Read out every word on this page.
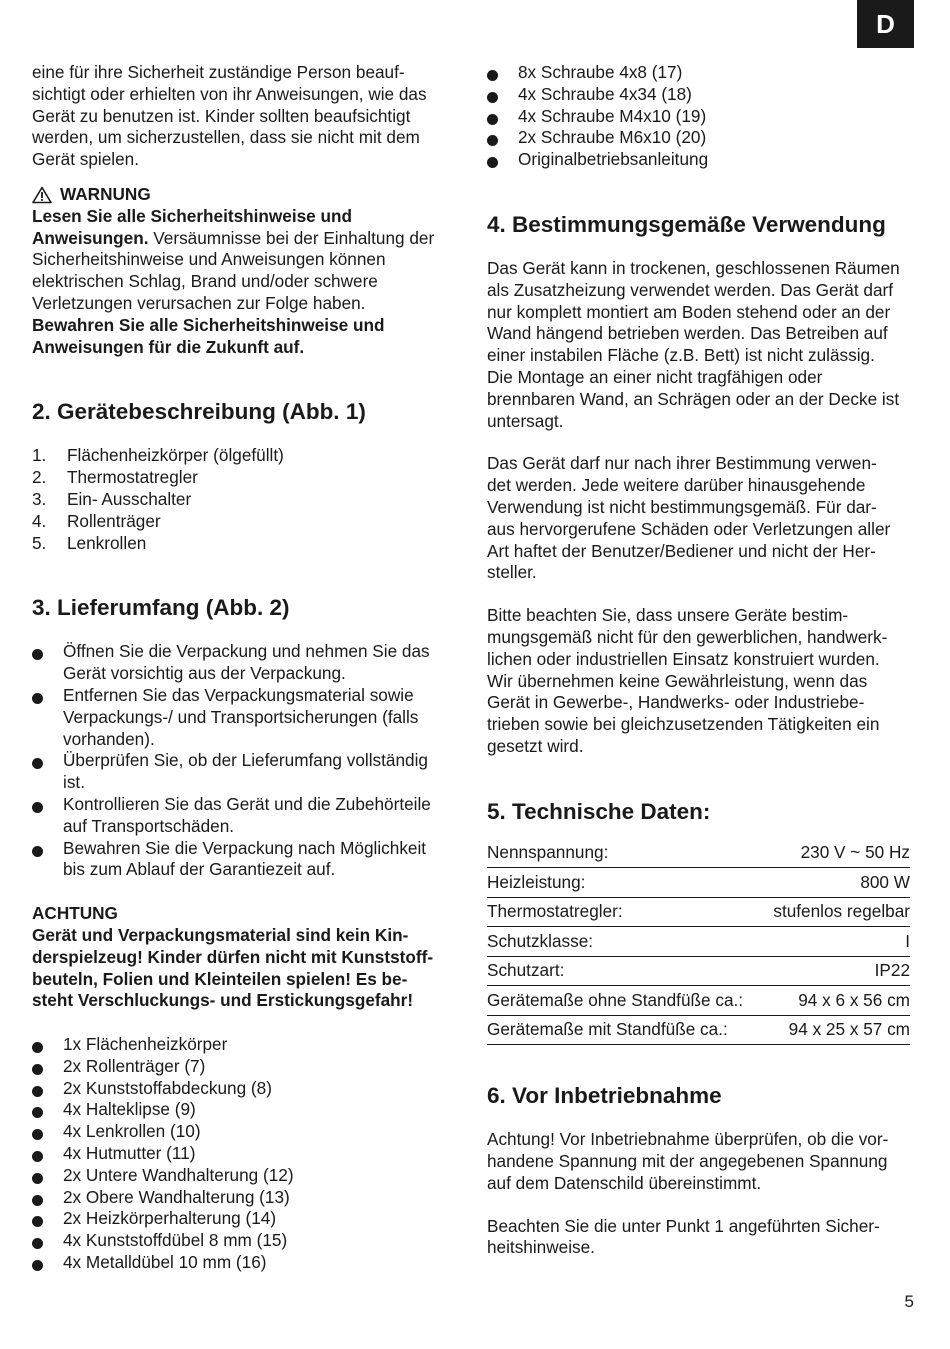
D

eine für ihre Sicherheit zuständige Person beauf-
sichtigt oder erhielten von ihr Anweisungen, wie das
Gerät zu benutzen ist. Kinder sollten beaufsichtigt
werden, um sicherzustellen, dass sie nicht mit dem
Gerät spielen.

WARNUNG

Lesen Sie alle Sicherheitshinweise und
Anweisungen. Versäumnisse bei der Einhaltung der
Sicherheitshinweise und Anweisungen können
elektrischen Schlag, Brand und/oder schwere
Verletzungen verursachen zur Folge haben.
Bewahren Sie alle Sicherheitshinweise und
Anweisungen für die Zukunft auf.

2. Gerätebeschreibung (Abb. 1)
1.	Flächenheizkörper (ölgefüllt)
2.	Thermostatregler
3.	Ein- Ausschalter
4.	Rollenträger
5.	Lenkrollen
3. Lieferumfang (Abb. 2)
Öffnen Sie die Verpackung und nehmen Sie das
Gerät vorsichtig aus der Verpackung.
Entfernen Sie das Verpackungsmaterial sowie
Verpackungs-/ und Transportsicherungen (falls
vorhanden).
Überprüfen Sie, ob der Lieferumfang vollständig
ist.
Kontrollieren Sie das Gerät und die Zubehörteile
auf Transportschäden.
Bewahren Sie die Verpackung nach Möglichkeit
bis zum Ablauf der Garantiezeit auf.

ACHTUNG

Gerät und Verpackungsmaterial sind kein Kin-
derspielzeug! Kinder dürfen nicht mit Kunststoff-
beuteln, Folien und Kleinteilen spielen! Es be-
steht Verschluckungs- und Erstickungsgefahr!

1x Flächenheizkörper
2x Rollenträger (7)
2x Kunststoffabdeckung (8)
4x Halteklipse (9)
4x Lenkrollen (10)
4x Hutmutter (11)
2x Untere Wandhalterung (12)
2x Obere Wandhalterung (13)
2x Heizkörperhalterung (14)
4x Kunststoffdübel 8 mm (15)
4x Metalldübel 10 mm (16)
8x Schraube 4x8 (17)
4x Schraube 4x34 (18)
4x Schraube M4x10 (19)
2x Schraube M6x10 (20)
Originalbetriebsanleitung
4. Bestimmungsgemäße Verwendung

Das Gerät kann in trockenen, geschlossenen Räumen
als Zusatzheizung verwendet werden. Das Gerät darf
nur komplett montiert am Boden stehend oder an der
Wand hängend betrieben werden. Das Betreiben auf
einer instabilen Fläche (z.B. Bett) ist nicht zulässig.
Die Montage an einer nicht tragfähigen oder
brennbaren Wand, an Schrägen oder an der Decke ist
untersagt.

Das Gerät darf nur nach ihrer Bestimmung verwen-
det werden. Jede weitere darüber hinausgehende
Verwendung ist nicht bestimmungsgemäß. Für dar-
aus hervorgerufene Schäden oder Verletzungen aller
Art haftet der Benutzer/Bediener und nicht der Her-
steller.

Bitte beachten Sie, dass unsere Geräte bestim-
mungsgemäß nicht für den gewerblichen, handwerk-
lichen oder industriellen Einsatz konstruiert wurden.
Wir übernehmen keine Gewährleistung, wenn das
Gerät in Gewerbe-, Handwerks- oder Industriebe-
trieben sowie bei gleichzusetzenden Tätigkeiten ein
gesetzt wird.

5. Technische Daten:
Nennspannung:	230 V ~ 50 Hz
Heizleistung:	800 W
Thermostatregler:	stufenlos regelbar
Schutzklasse:	I
Schutzart:	IP22
Gerätemaße ohne Standfüße ca.:	94 x 6 x 56 cm
Gerätemaße mit Standfüße ca.:	94 x 25 x 57 cm
6. Vor Inbetriebnahme

Achtung! Vor Inbetriebnahme überprüfen, ob die vor-
handene Spannung mit der angegebenen Spannung
auf dem Datenschild übereinstimmt.

Beachten Sie die unter Punkt 1 angeführten Sicher-
heitshinweise.

5
